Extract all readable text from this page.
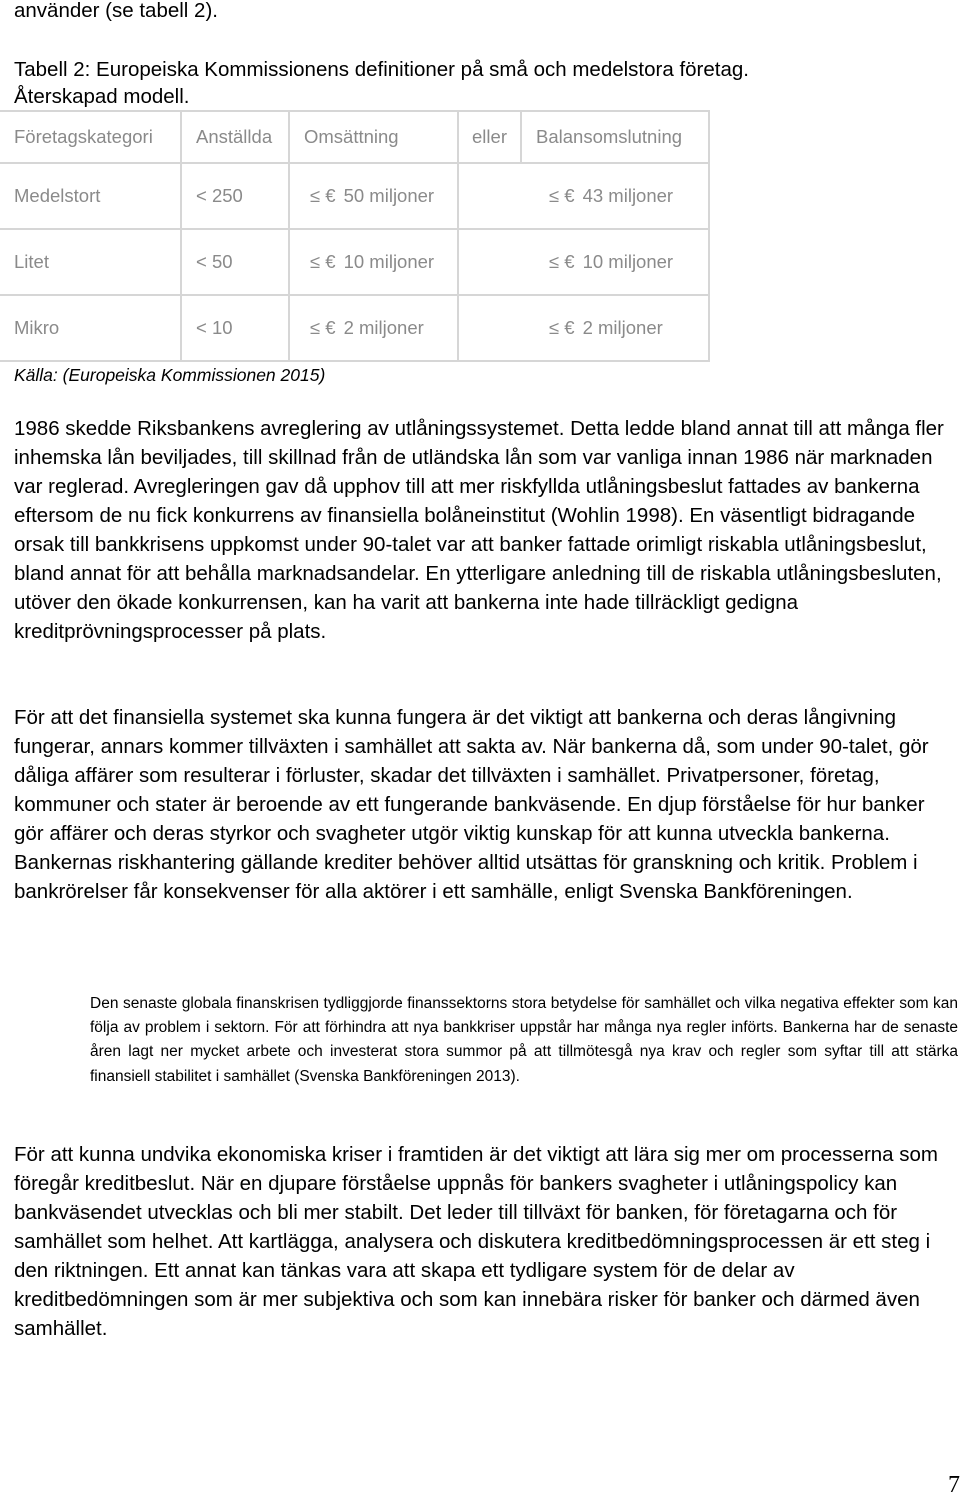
använder (se tabell 2).
Tabell 2: Europeiska Kommissionens definitioner på små och medelstora företag.
Återskapad modell.
Företagskategori	Anställda	Omsättning	eller	Balansomslutning
Medelstort	< 250	≤ € 50 miljoner	≤ € 43 miljoner	
Litet	< 50	≤ € 10 miljoner	≤ € 10 miljoner	
Mikro	< 10	≤ € 2 miljoner	≤ € 2 miljoner	
Källa: (Europeiska Kommissionen 2015)

1986 skedde Riksbankens avreglering av utlåningssystemet. Detta ledde bland annat till att många fler inhemska lån beviljades, till skillnad från de utländska lån som var vanliga innan 1986 när marknaden var reglerad. Avregleringen gav då upphov till att mer riskfyllda utlåningsbeslut fattades av bankerna eftersom de nu fick konkurrens av finansiella bolåneinstitut (Wohlin 1998). En väsentligt bidragande orsak till bankkrisens uppkomst under 90-talet var att banker fattade orimligt riskabla utlåningsbeslut, bland annat för att behålla marknadsandelar. En ytterligare anledning till de riskabla utlåningsbesluten, utöver den ökade konkurrensen, kan ha varit att bankerna inte hade tillräckligt gedigna kreditprövningsprocesser på plats.

För att det finansiella systemet ska kunna fungera är det viktigt att bankerna och deras långivning fungerar, annars kommer tillväxten i samhället att sakta av. När bankerna då, som under 90-talet, gör dåliga affärer som resulterar i förluster, skadar det tillväxten i samhället. Privatpersoner, företag, kommuner och stater är beroende av ett fungerande bankväsende. En djup förståelse för hur banker gör affärer och deras styrkor och svagheter utgör viktig kunskap för att kunna utveckla bankerna. Bankernas riskhantering gällande krediter behöver alltid utsättas för granskning och kritik. Problem i bankrörelser får konsekvenser för alla aktörer i ett samhälle, enligt Svenska Bankföreningen.

Den senaste globala finanskrisen tydliggjorde finanssektorns stora betydelse för samhället och vilka negativa effekter som kan följa av problem i sektorn. För att förhindra att nya bankkriser uppstår har många nya regler införts. Bankerna har de senaste åren lagt ner mycket arbete och investerat stora summor på att tillmötesgå nya krav och regler som syftar till att stärka finansiell stabilitet i samhället (Svenska Bankföreningen 2013).

För att kunna undvika ekonomiska kriser i framtiden är det viktigt att lära sig mer om processerna som föregår kreditbeslut. När en djupare förståelse uppnås för bankers svagheter i utlåningspolicy kan bankväsendet utvecklas och bli mer stabilt. Det leder till tillväxt för banken, för företagarna och för samhället som helhet. Att kartlägga, analysera och diskutera kreditbedömningsprocessen är ett steg i den riktningen. Ett annat kan tänkas vara att skapa ett tydligare system för de delar av kreditbedömningen som är mer subjektiva och som kan innebära risker för banker och därmed även samhället.

7
